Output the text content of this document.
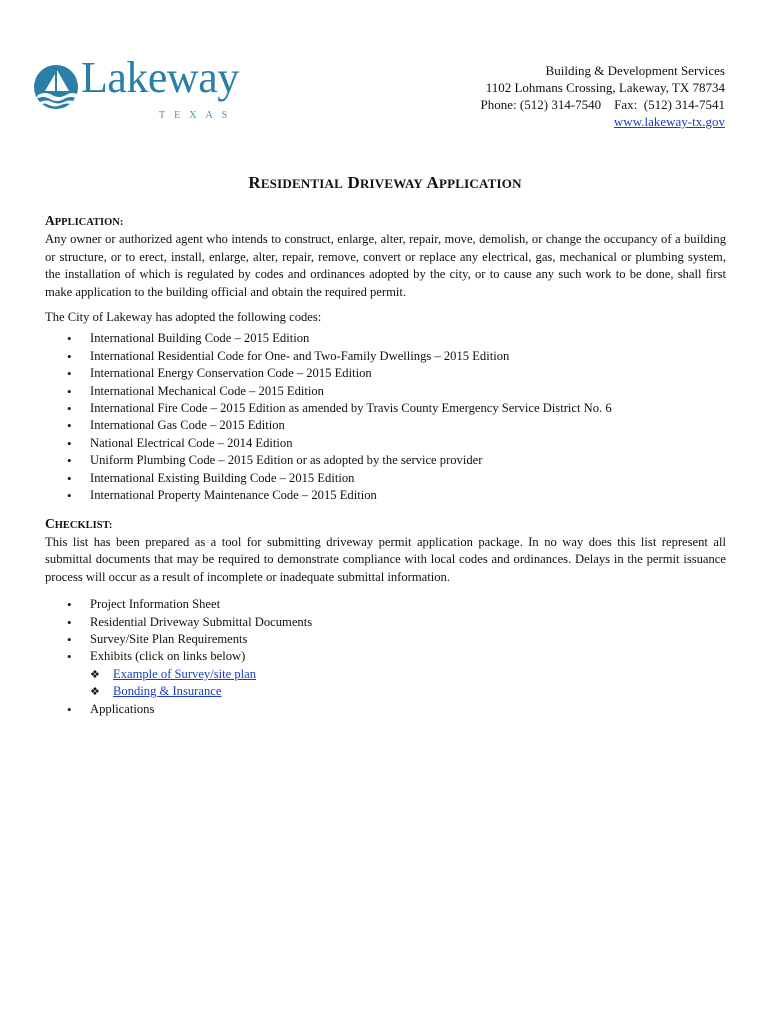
Lakeway
TEXAS
Building & Development Services
1102 Lohmans Crossing, Lakeway, TX 78734
Phone: (512) 314-7540    Fax:  (512) 314-7541
www.lakeway-tx.gov
RESIDENTIAL DRIVEWAY APPLICATION

APPLICATION:

Any owner or authorized agent who intends to construct, enlarge, alter, repair, move, demolish, or change the occupancy of a building or structure, or to erect, install, enlarge, alter, repair, remove, convert or replace any electrical, gas, mechanical or plumbing system, the installation of which is regulated by codes and ordinances adopted by the city, or to cause any such work to be done, shall first make application to the building official and obtain the required permit.

The City of Lakeway has adopted the following codes:

• International Building Code – 2015 Edition
• International Residential Code for One- and Two-Family Dwellings – 2015 Edition
• International Energy Conservation Code – 2015 Edition
• International Mechanical Code – 2015 Edition
• International Fire Code – 2015 Edition as amended by Travis County Emergency Service District No. 6
• International Gas Code – 2015 Edition
• National Electrical Code – 2014 Edition
• Uniform Plumbing Code – 2015 Edition or as adopted by the service provider
• International Existing Building Code – 2015 Edition
• International Property Maintenance Code – 2015 Edition

CHECKLIST:

This list has been prepared as a tool for submitting driveway permit application package. In no way does this list represent all submittal documents that may be required to demonstrate compliance with local codes and ordinances. Delays in the permit issuance process will occur as a result of incomplete or inadequate submittal information.

• Project Information Sheet
• Residential Driveway Submittal Documents
• Survey/Site Plan Requirements
• Exhibits (click on links below)
❖ Example of Survey/site plan
❖ Bonding & Insurance
• Applications
